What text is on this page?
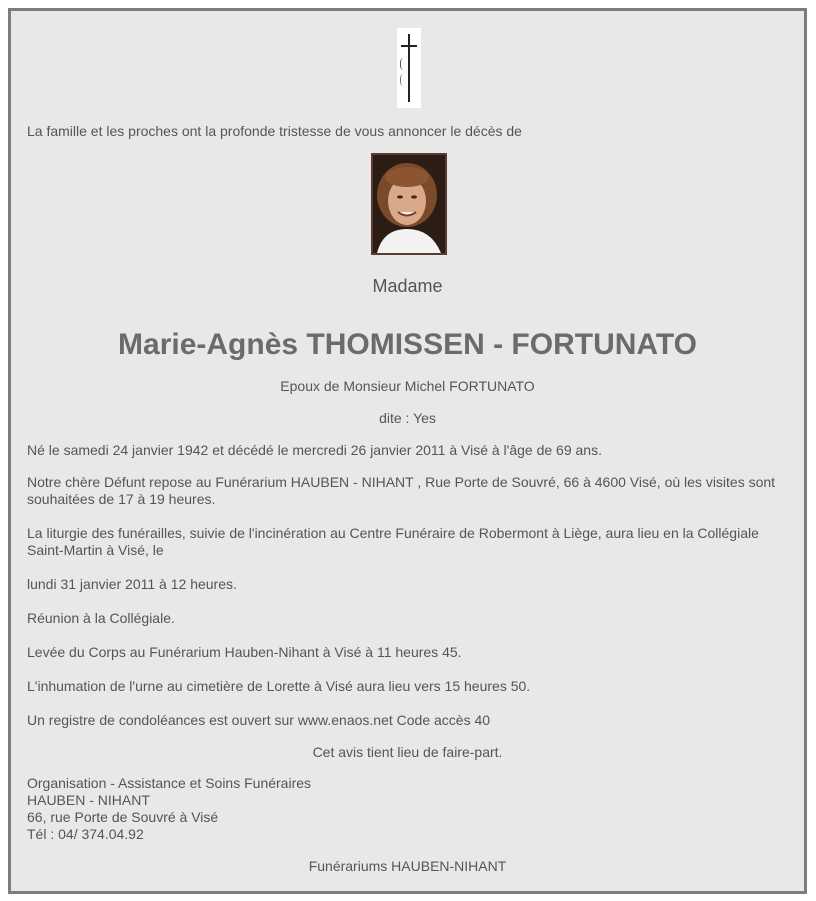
La famille et les proches ont la profonde tristesse de vous annoncer le décès de
Madame
Marie-Agnès THOMISSEN - FORTUNATO
Epoux de Monsieur Michel FORTUNATO
dite : Yes
Né le samedi 24 janvier 1942 et décédé le mercredi 26 janvier 2011 à Visé à l'âge de 69 ans.
Notre chère Défunt repose au Funérarium HAUBEN - NIHANT , Rue Porte de Souvré, 66 à 4600 Visé, où les visites sont souhaitées de 17 à 19 heures.
La liturgie des funérailles, suivie de l'incinération au Centre Funéraire de Robermont à Liège, aura lieu en la Collégiale Saint-Martin à Visé, le
lundi 31 janvier 2011 à 12 heures.
Réunion à la Collégiale.
Levée du Corps au Funérarium Hauben-Nihant à Visé à 11 heures 45.
L'inhumation de l'urne au cimetière de Lorette à Visé aura lieu vers 15 heures 50.
Un registre de condoléances est ouvert sur www.enaos.net Code accès 40
Cet avis tient lieu de faire-part.
Organisation - Assistance et Soins Funéraires
HAUBEN - NIHANT
66, rue Porte de Souvré à Visé
Tél : 04/ 374.04.92
Funérariums HAUBEN-NIHANT
